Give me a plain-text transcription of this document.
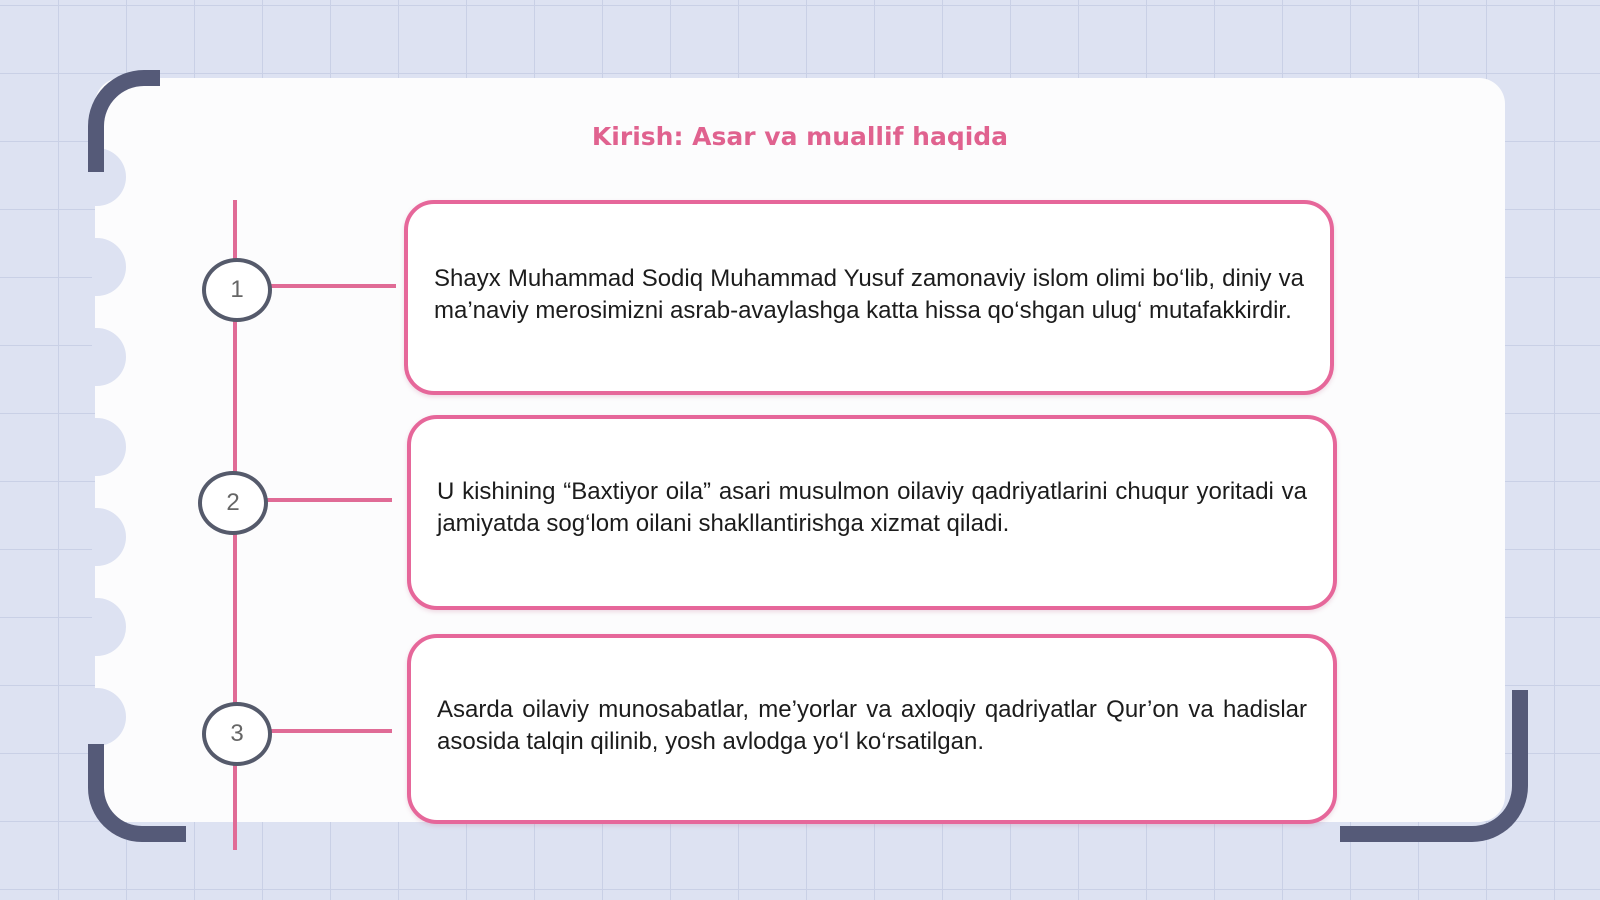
Kirish: Asar va muallif haqida
1
2
3

Shayx Muhammad Sodiq Muhammad Yusuf zamonaviy islom olimi bo‘lib, diniy va ma’naviy merosimizni asrab-avaylashga katta hissa qo‘shgan ulug‘ mutafakkirdir.

U kishining “Baxtiyor oila” asari musulmon oilaviy qadriyatlarini chuqur yoritadi va jamiyatda sog‘lom oilani shakllantirishga xizmat qiladi.

Asarda oilaviy munosabatlar, me’yorlar va axloqiy qadriyatlar Qur’on va hadislar asosida talqin qilinib, yosh avlodga yo‘l ko‘rsatilgan.
